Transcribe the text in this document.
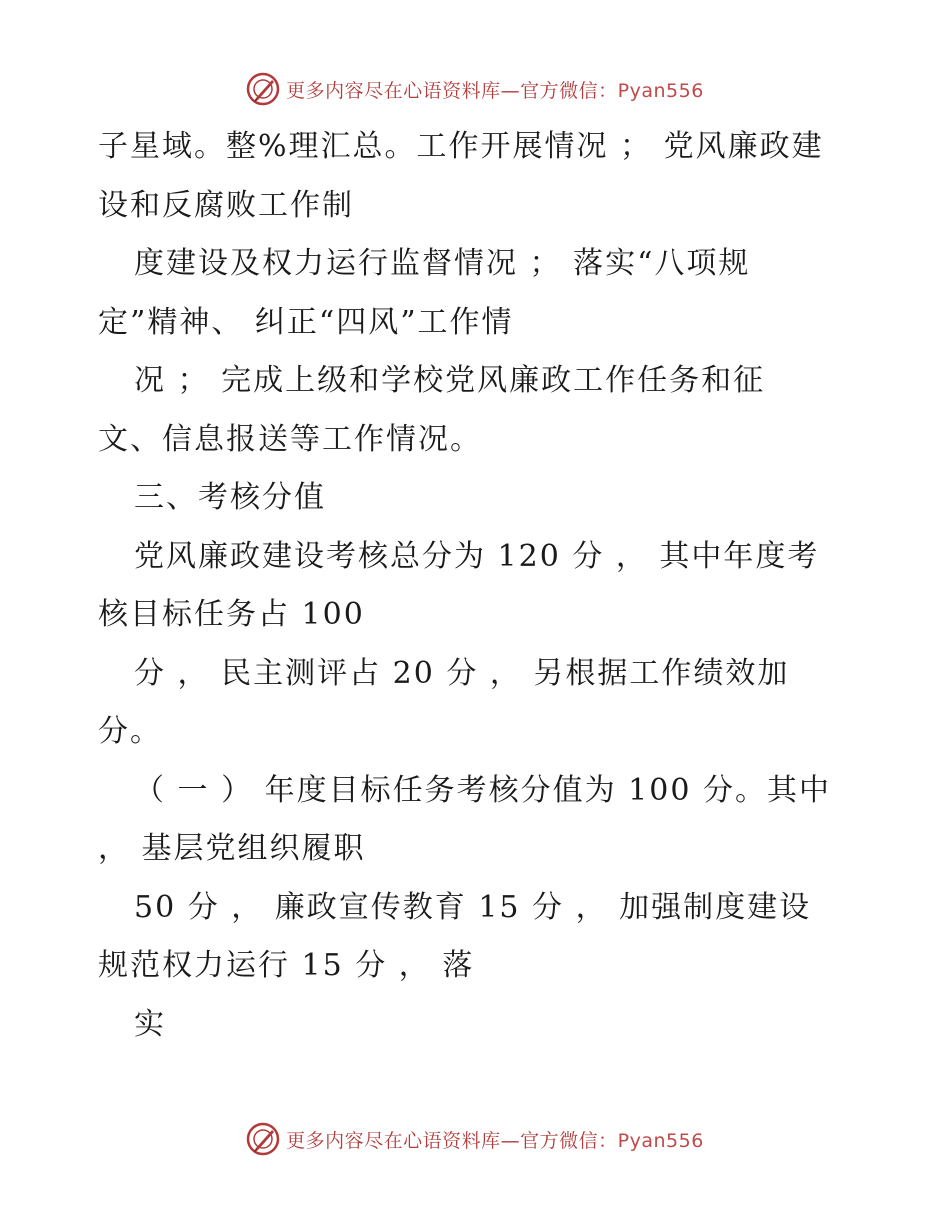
更多内容尽在心语资料库—官方微信：Pyan556
子星域。整%理汇总。工作开展情况 ； 党风廉政建
设和反腐败工作制
度建设及权力运行监督情况 ； 落实“八项规
定”精神、 纠正“四风”工作情
况 ； 完成上级和学校党风廉政工作任务和征
文、信息报送等工作情况。
三、考核分值
党风廉政建设考核总分为 120 分 ， 其中年度考
核目标任务占 100
分 ， 民主测评占 20 分 ， 另根据工作绩效加
分。
（ 一 ） 年度目标任务考核分值为 100 分。其中
， 基层党组织履职
50 分 ， 廉政宣传教育 15 分 ， 加强制度建设
规范权力运行 15 分 ， 落
实
更多内容尽在心语资料库—官方微信：Pyan556
